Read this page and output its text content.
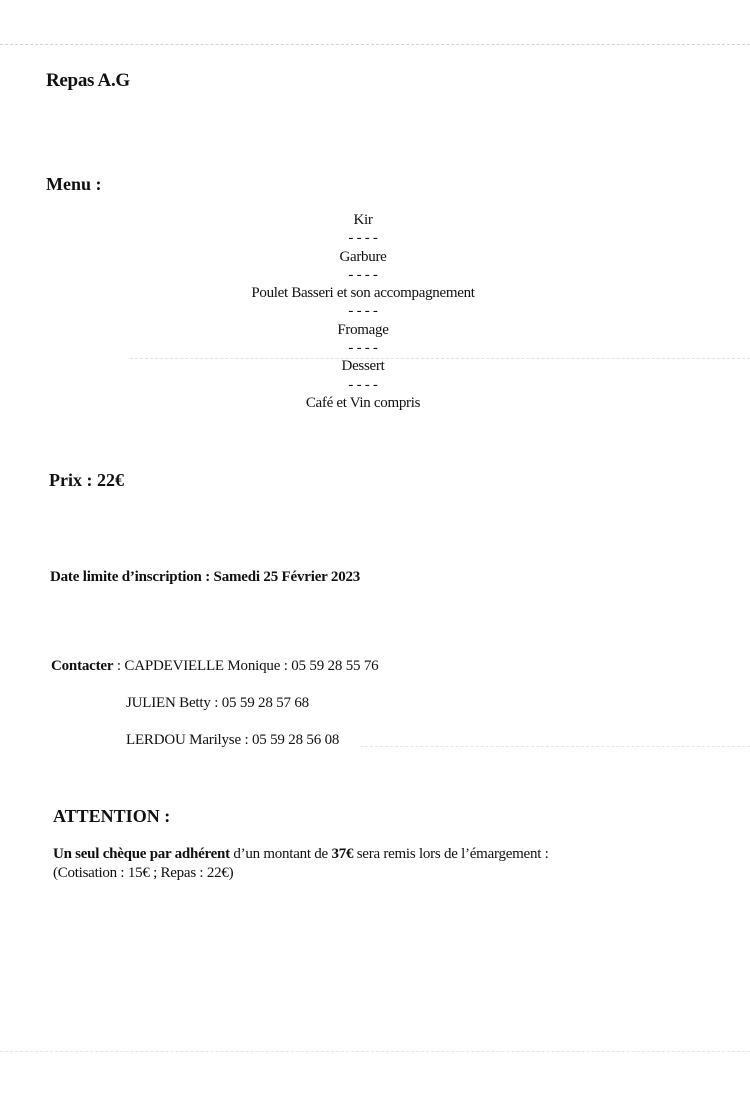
Repas A.G
Menu :
Kir
- - - -
Garbure
- - - -
Poulet Basseri et son accompagnement
- - - -
Fromage
- - - -
Dessert
- - - -
Café et Vin compris
Prix : 22€
Date limite d’inscription : Samedi 25 Février 2023
Contacter : CAPDEVIELLE Monique : 05 59 28 55 76
JULIEN Betty : 05 59 28 57 68
LERDOU Marilyse : 05 59 28 56 08
ATTENTION :
Un seul chèque par adhérent d’un montant de 37€ sera remis lors de l’émargement :
(Cotisation : 15€ ; Repas : 22€)
